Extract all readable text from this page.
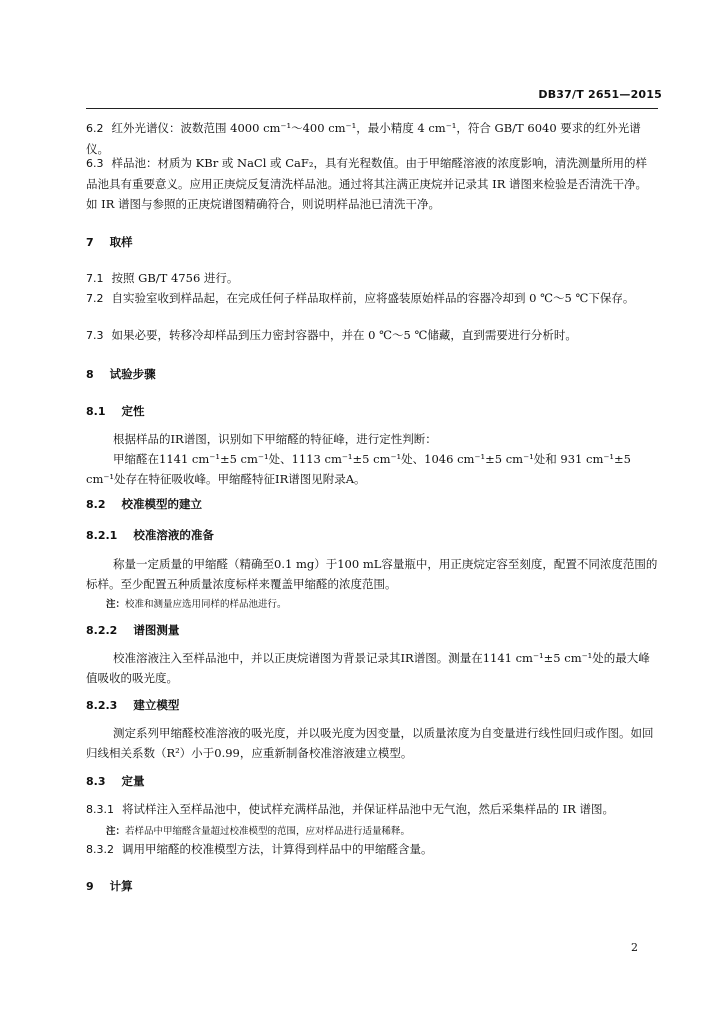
DB37/T 2651—2015
6.2 红外光谱仪：波数范围 4000 cm⁻¹～400 cm⁻¹，最小精度 4 cm⁻¹，符合 GB/T 6040 要求的红外光谱仪。
6.3 样品池：材质为 KBr 或 NaCl 或 CaF₂，具有光程数值。由于甲缩醛溶液的浓度影响，清洗测量所用的样品池具有重要意义。应用正庚烷反复清洗样品池。通过将其注满正庚烷并记录其 IR 谱图来检验是否清洗干净。如 IR 谱图与参照的正庚烷谱图精确符合，则说明样品池已清洗干净。
7 取样
7.1 按照 GB/T 4756 进行。
7.2 自实验室收到样品起，在完成任何子样品取样前，应将盛装原始样品的容器冷却到 0 ℃～5 ℃下保存。
7.3 如果必要，转移冷却样品到压力密封容器中，并在 0 ℃～5 ℃储藏，直到需要进行分析时。
8 试验步骤
8.1 定性
根据样品的IR谱图，识别如下甲缩醛的特征峰，进行定性判断：
甲缩醛在1141 cm⁻¹±5 cm⁻¹处、1113 cm⁻¹±5 cm⁻¹处、1046 cm⁻¹±5 cm⁻¹处和 931 cm⁻¹±5 cm⁻¹处存在特征吸收峰。甲缩醛特征IR谱图见附录A。
8.2 校准模型的建立
8.2.1 校准溶液的准备
称量一定质量的甲缩醛（精确至0.1 mg）于100 mL容量瓶中，用正庚烷定容至刻度，配置不同浓度范围的标样。至少配置五种质量浓度标样来覆盖甲缩醛的浓度范围。
注：校准和测量应选用同样的样品池进行。
8.2.2 谱图测量
校准溶液注入至样品池中，并以正庚烷谱图为背景记录其IR谱图。测量在1141 cm⁻¹±5 cm⁻¹处的最大峰值吸收的吸光度。
8.2.3 建立模型
测定系列甲缩醛校准溶液的吸光度，并以吸光度为因变量，以质量浓度为自变量进行线性回归或作图。如回归线相关系数（R²）小于0.99，应重新制备校准溶液建立模型。
8.3 定量
8.3.1 将试样注入至样品池中，使试样充满样品池，并保证样品池中无气泡，然后采集样品的 IR 谱图。
注：若样品中甲缩醛含量超过校准模型的范围，应对样品进行适量稀释。
8.3.2 调用甲缩醛的校准模型方法，计算得到样品中的甲缩醛含量。
9 计算
2
